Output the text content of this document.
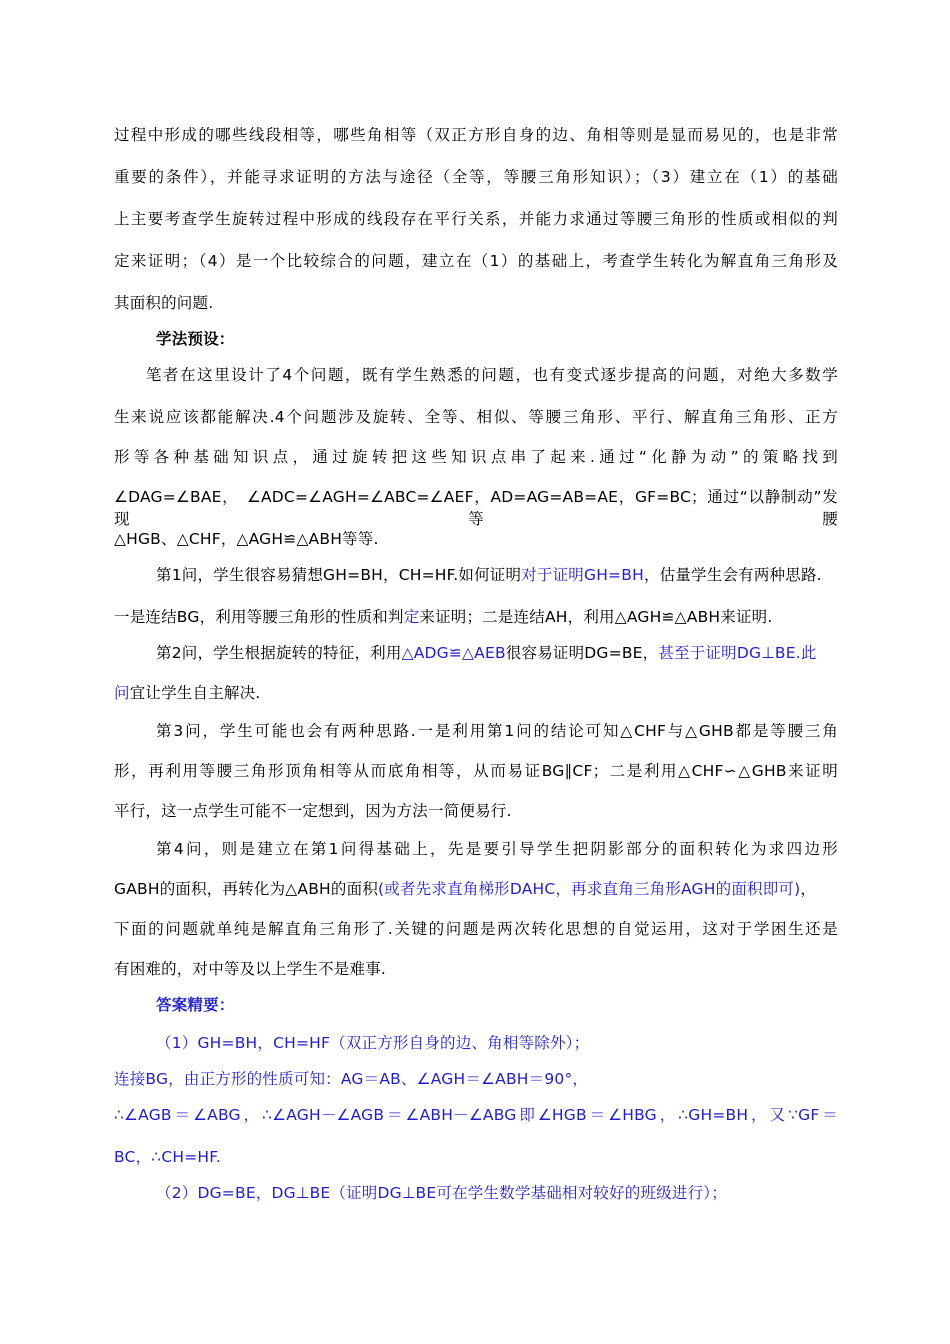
过程中形成的哪些线段相等，哪些角相等（双正方形自身的边、角相等则是显而易见的，也是非常
重要的条件），并能寻求证明的方法与途径（全等，等腰三角形知识）；（3）建立在（1）的基础
上主要考查学生旋转过程中形成的线段存在平行关系，并能力求通过等腰三角形的性质或相似的判
定来证明；（4）是一个比较综合的问题，建立在（1）的基础上，考查学生转化为解直角三角形及
其面积的问题.
学法预设：
笔者在这里设计了4个问题，既有学生熟悉的问题，也有变式逐步提高的问题，对绝大多数学
生来说应该都能解决.4个问题涉及旋转、全等、相似、等腰三角形、平行、解直角三角形、正方
形等各种基础知识点，通过旋转把这些知识点串了起来.通过“化静为动”的策略找到
∠DAG=∠BAE，　∠ADC=∠AGH=∠ABC=∠AEF，AD=AG=AB=AE，GF=BC；通过“以静制动”发现等腰
△HGB、△CHF，△AGH≌△ABH等等.
第1问，学生很容易猜想GH=BH，CH=HF.如何证明对于证明GH=BH，估量学生会有两种思路.
一是连结BG，利用等腰三角形的性质和判定来证明；二是连结AH，利用△AGH≌△ABH来证明.
第2问，学生根据旋转的特征，利用△ADG≌△AEB很容易证明DG=BE，甚至于证明DG⊥BE.此
问宜让学生自主解决.
第3问，学生可能也会有两种思路.一是利用第1问的结论可知△CHF与△GHB都是等腰三角
形，再利用等腰三角形顶角相等从而底角相等，从而易证BG∥CF；二是利用△CHF∽△GHB来证明
平行，这一点学生可能不一定想到，因为方法一简便易行.
第4问，则是建立在第1问得基础上，先是要引导学生把阴影部分的面积转化为求四边形
GABH的面积，再转化为△ABH的面积(或者先求直角梯形DAHC，再求直角三角形AGH的面积即可)，
下面的问题就单纯是解直角三角形了.关键的问题是两次转化思想的自觉运用，这对于学困生还是
有困难的，对中等及以上学生不是难事.
答案精要：
（1）GH=BH，CH=HF（双正方形自身的边、角相等除外）；
连接BG，由正方形的性质可知：AG＝AB、∠AGH＝∠ABH＝90°，
∴∠AGB＝∠ABG，∴∠AGH－∠AGB＝∠ABH－∠ABG即∠HGB＝∠HBG，∴GH=BH，又∵GF＝
BC，∴CH=HF.
（2）DG=BE，DG⊥BE（证明DG⊥BE可在学生数学基础相对较好的班级进行）；
